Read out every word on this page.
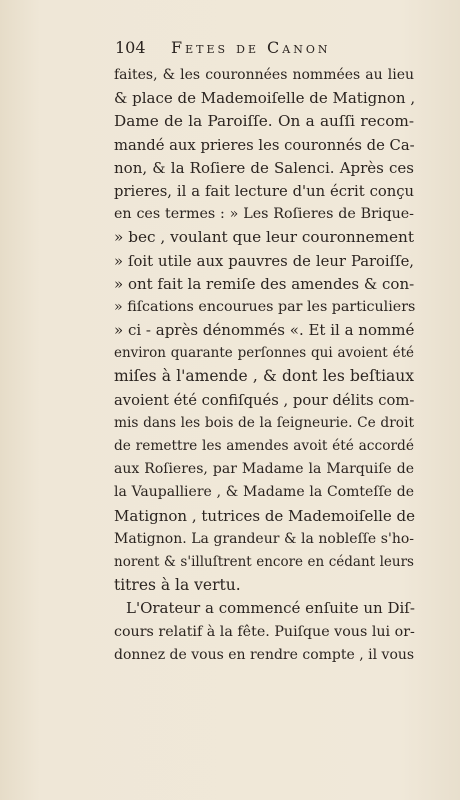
104 Fetes de Canon
faites, & les couronnées nommées au lieu
& place de Mademoiſelle de Matignon ,
Dame de la Paroiſſe. On a auſſi recom-
mandé aux prieres les couronnés de Ca-
non, & la Roſiere de Salenci. Après ces
prieres, il a fait lecture d'un écrit conçu
en ces termes : » Les Roſieres de Brique-
» bec , voulant que leur couronnement
» ſoit utile aux pauvres de leur Paroiſſe,
» ont fait la remiſe des amendes & con-
» fiſcations encourues par les particuliers
» ci - après dénommés «. Et il a nommé
environ quarante perſonnes qui avoient été
miſes à l'amende , & dont les beſtiaux
avoient été confiſqués , pour délits com-
mis dans les bois de la ſeigneurie. Ce droit
de remettre les amendes avoit été accordé
aux Roſieres, par Madame la Marquiſe de
la Vaupalliere , & Madame la Comteſſe de
Matignon , tutrices de Mademoiſelle de
Matignon. La grandeur & la nobleſſe s'ho-
norent & s'illuſtrent encore en cédant leurs
titres à la vertu.
L'Orateur a commencé enſuite un Diſ-
cours relatif à la fête. Puiſque vous lui or-
donnez de vous en rendre compte , il vous
